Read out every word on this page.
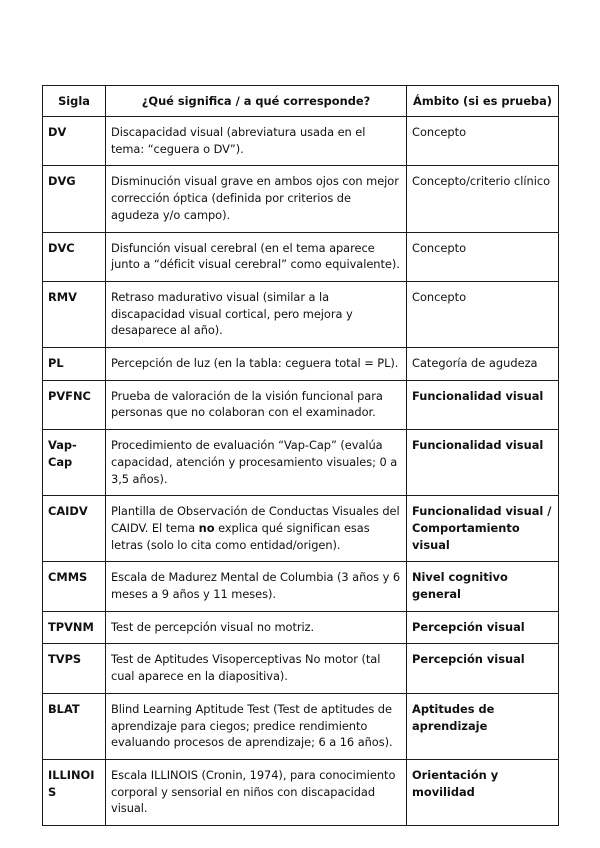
Sigla	¿Qué significa / a qué corresponde?	Ámbito (si es prueba)
DV	Discapacidad visual (abreviatura usada en el tema: “ceguera o DV”).	Concepto
DVG	Disminución visual grave en ambos ojos con mejor corrección óptica (definida por criterios de agudeza y/o campo).	Concepto/criterio clínico
DVC	Disfunción visual cerebral (en el tema aparece junto a “déficit visual cerebral” como equivalente).	Concepto
RMV	Retraso madurativo visual (similar a la discapacidad visual cortical, pero mejora y desaparece al año).	Concepto
PL	Percepción de luz (en la tabla: ceguera total = PL).	Categoría de agudeza
PVFNC	Prueba de valoración de la visión funcional para personas que no colaboran con el examinador.	Funcionalidad visual
Vap-Cap	Procedimiento de evaluación “Vap-Cap” (evalúa capacidad, atención y procesamiento visuales; 0 a 3,5 años).	Funcionalidad visual
CAIDV	Plantilla de Observación de Conductas Visuales del CAIDV. El tema no explica qué significan esas letras (solo lo cita como entidad/origen).	Funcionalidad visual / Comportamiento visual
CMMS	Escala de Madurez Mental de Columbia (3 años y 6 meses a 9 años y 11 meses).	Nivel cognitivo general
TPVNM	Test de percepción visual no motriz.	Percepción visual
TVPS	Test de Aptitudes Visoperceptivas No motor (tal cual aparece en la diapositiva).	Percepción visual
BLAT	Blind Learning Aptitude Test (Test de aptitudes de aprendizaje para ciegos; predice rendimiento evaluando procesos de aprendizaje; 6 a 16 años).	Aptitudes de aprendizaje
ILLINOIS	Escala ILLINOIS (Cronin, 1974), para conocimiento corporal y sensorial en niños con discapacidad visual.	Orientación y movilidad
